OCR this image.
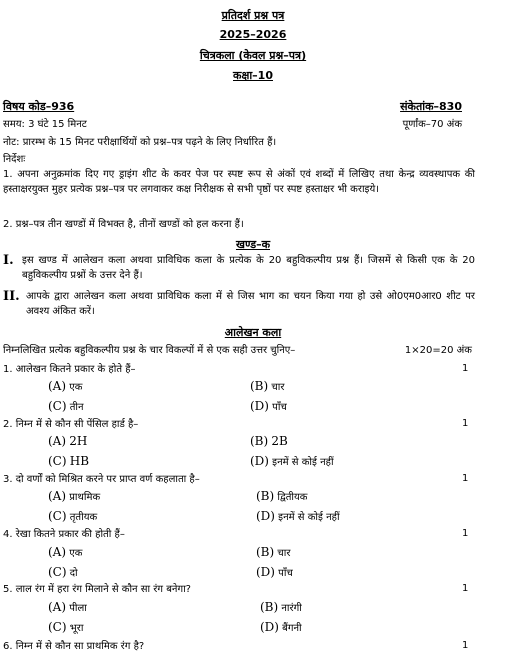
प्रतिदर्श प्रश्न पत्र
2025–2026
चित्रकला (केवल प्रश्न–पत्र)
कक्षा–10
विषय कोड–936	संकेतांक–830
समय: 3 घंटे 15 मिनट	पूर्णांक–70 अंक
नोट: प्रारम्भ के 15 मिनट परीक्षार्थियों को प्रश्न–पत्र पढ़ने के लिए निर्धारित हैं।
निर्देशः
1. अपना अनुक्रमांक दिए गए ड्राइंग शीट के कवर पेज पर स्पष्ट रूप से अंकों एवं शब्दों में लिखिए तथा केन्द्र व्यवस्थापक की हस्ताक्षरयुक्त मुहर प्रत्येक प्रश्न–पत्र पर लगवाकर कक्ष निरीक्षक से सभी पृष्ठों पर स्पष्ट हस्ताक्षर भी कराइये।
2. प्रश्न–पत्र तीन खण्डों में विभक्त है, तीनों खण्डों को हल करना हैं।
खण्ड–क
I. इस खण्ड में आलेखन कला अथवा प्राविधिक कला के प्रत्येक के 20 बहुविकल्पीय प्रश्न हैं। जिसमें से किसी एक के 20 बहुविकल्पीय प्रश्नों के उत्तर देने हैं।
II. आपके द्वारा आलेखन कला अथवा प्राविधिक कला में से जिस भाग का चयन किया गया हो उसे ओ0एम0आर0 शीट पर अवश्य अंकित करें।
आलेखन कला
निम्नलिखित प्रत्येक बहुविकल्पीय प्रश्न के चार विकल्पों में से एक सही उत्तर चुनिए–	1×20=20 अंक
1. आलेखन कितने प्रकार के होते हैं–	1
(A) एक	(B) चार
(C) तीन	(D) पाँच
2. निम्न में से कौन सी पेंसिल हार्ड है–	1
(A) 2H	(B) 2B
(C) HB	(D) इनमें से कोई नहीं
3. दो वर्णों को मिश्रित करने पर प्राप्त वर्ण कहलाता है–	1
(A) प्राथमिक	(B) द्वितीयक
(C) तृतीयक	(D) इनमें से कोई नहीं
4. रेखा कितने प्रकार की होती हैं–	1
(A) एक	(B) चार
(C) दो	(D) पाँच
5. लाल रंग में हरा रंग मिलाने से कौन सा रंग बनेगा?	1
(A) पीला	(B) नारंगी
(C) भूरा	(D) बैंगनी
6. निम्न में से कौन सा प्राथमिक रंग है?	1
